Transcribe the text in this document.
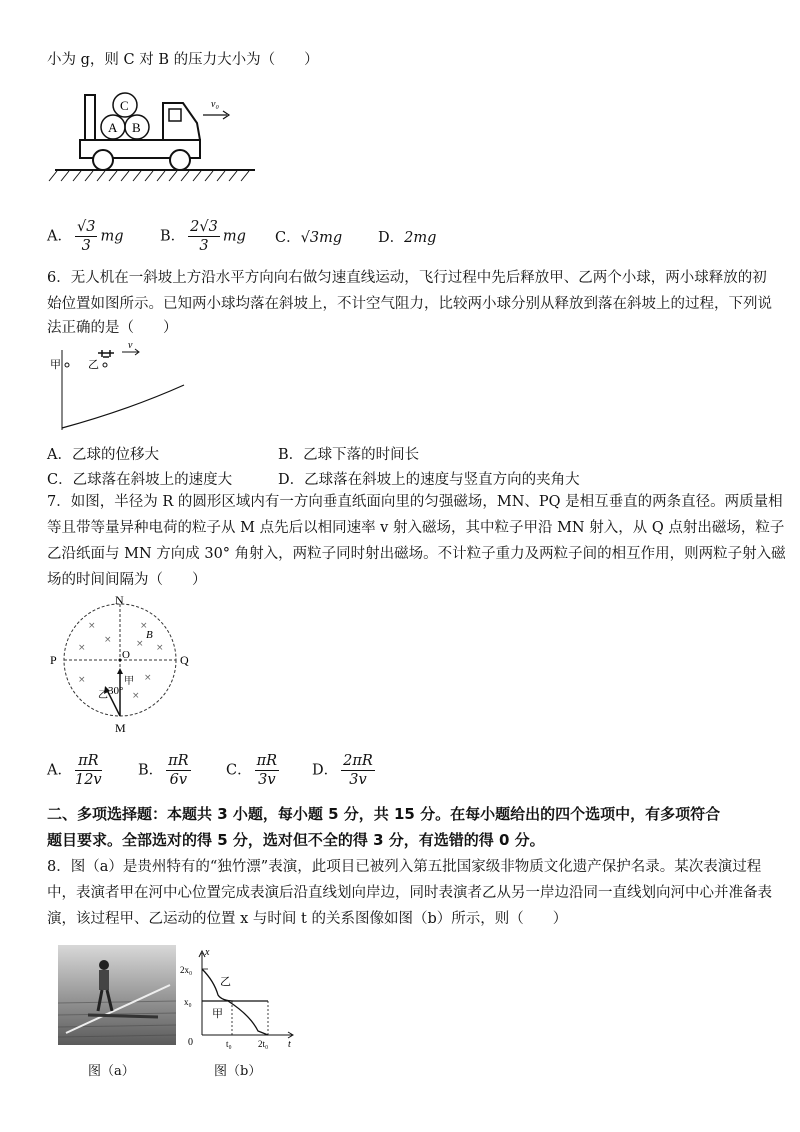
小为 g，则 C 对 B 的压力大小为（　　）
A B
C	v₀
A． $\frac{√3}{3}$ mg	B． $\frac{2√3}{3}$ mg C．√3mg D．2mg
6．无人机在一斜坡上方沿水平方向向右做匀速直线运动，飞行过程中先后释放甲、乙两个小球，两小球释放的初
始位置如图所示。已知两小球均落在斜坡上，不计空气阻力，比较两小球分别从释放到落在斜坡上的过程，下列说
法正确的是（　　）
甲 乙
v
A．乙球的位移大	B．乙球下落的时间长
C．乙球落在斜坡上的速度大	D．乙球落在斜坡上的速度与竖直方向的夹角大
7．如图，半径为 R 的圆形区域内有一方向垂直纸面向里的匀强磁场，MN、PQ 是相互垂直的两条直径。两质量相
等且带等量异种电荷的粒子从 M 点先后以相同速率 v 射入磁场，其中粒子甲沿 MN 射入，从 Q 点射出磁场，粒子
乙沿纸面与 MN 方向成 30° 角射入，两粒子同时射出磁场。不计粒子重力及两粒子间的相互作用，则两粒子射入磁
场的时间间隔为（　　）
×	×
×
×	× ×
×	×
×
N
M
P	Q
O
B
甲
乙 30°
A． $\frac{\pi R}{12v}$	B． $\frac{\pi R}{6v}$ C． $\frac{\pi R}{3v}$ D． $\frac{2\pi R}{3v}$
二、多项选择题：本题共 3 小题，每小题 5 分，共 15 分。在每小题给出的四个选项中，有多项符合
题目要求。全部选对的得 5 分，选对但不全的得 3 分，有选错的得 0 分。
8．图（a）是贵州特有的“独竹漂”表演，此项目已被列入第五批国家级非物质文化遗产保护名录。某次表演过程
中，表演者甲在河中心位置完成表演后沿直线划向岸边，同时表演者乙从另一岸边沿同一直线划向河中心并准备表
演，该过程甲、乙运动的位置 x 与时间 t 的关系图像如图（b）所示，则（　　）
图（a）
x
t
0
2x₀
x₀
t₀	2t₀
乙
甲
图（b）
